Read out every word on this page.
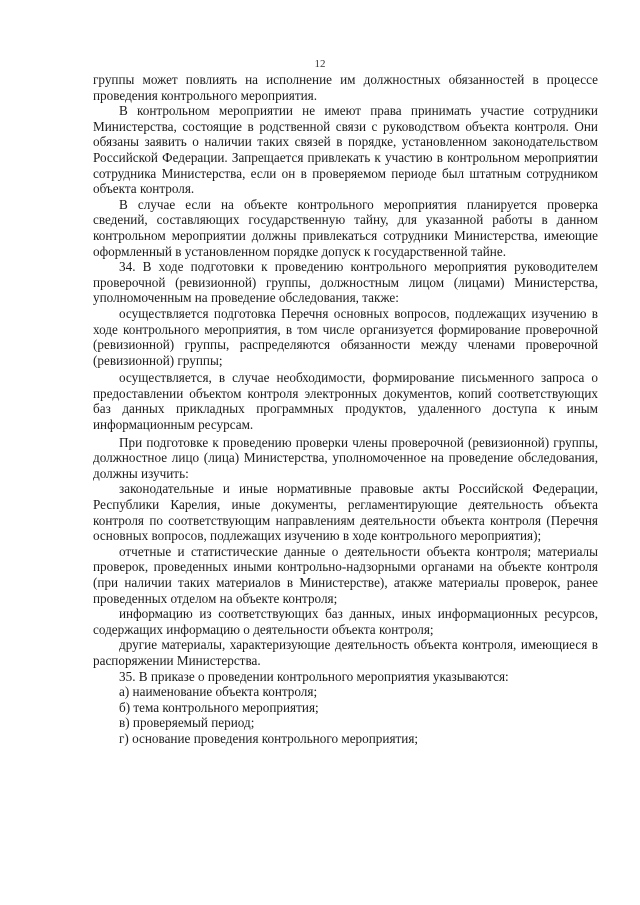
12

группы может повлиять на исполнение им должностных обязанностей в процессе проведения контрольного мероприятия.

В контрольном мероприятии не имеют права принимать участие сотрудники Министерства, состоящие в родственной связи с руководством объекта контроля. Они обязаны заявить о наличии таких связей в порядке, установленном законодательством Российской Федерации. Запрещается привлекать к участию в контрольном мероприятии сотрудника Министерства, если он в проверяемом периоде был штатным сотрудником объекта контроля.

В случае если на объекте контрольного мероприятия планируется проверка сведений, составляющих государственную тайну, для указанной работы в данном контрольном мероприятии должны привлекаться сотрудники Министерства, имеющие оформленный в установленном порядке допуск к государственной тайне.

34. В ходе подготовки к проведению контрольного мероприятия руководителем проверочной (ревизионной) группы, должностным лицом (лицами) Министерства, уполномоченным на проведение обследования, также:

осуществляется подготовка Перечня основных вопросов, подлежащих изучению в ходе контрольного мероприятия, в том числе организуется формирование проверочной (ревизионной) группы, распределяются обязанности между членами проверочной (ревизионной) группы;

осуществляется, в случае необходимости, формирование письменного запроса о предоставлении объектом контроля электронных документов, копий соответствующих баз данных прикладных программных продуктов, удаленного доступа к иным информационным ресурсам.

При подготовке к проведению проверки члены проверочной (ревизионной) группы, должностное лицо (лица) Министерства, уполномоченное на проведение обследования, должны изучить:

законодательные и иные нормативные правовые акты Российской Федерации, Республики Карелия, иные документы, регламентирующие деятельность объекта контроля по соответствующим направлениям деятельности объекта контроля (Перечня основных вопросов, подлежащих изучению в ходе контрольного мероприятия);

отчетные и статистические данные о деятельности объекта контроля; материалы проверок, проведенных иными контрольно-надзорными органами на объекте контроля (при наличии таких материалов в Министерстве), атакже материалы проверок, ранее проведенных отделом на объекте контроля;

информацию из соответствующих баз данных, иных информационных ресурсов, содержащих информацию о деятельности объекта контроля;

другие материалы, характеризующие деятельность объекта контроля, имеющиеся в распоряжении Министерства.

35. В приказе о проведении контрольного мероприятия указываются:

а) наименование объекта контроля;

б) тема контрольного мероприятия;

в) проверяемый период;

г) основание проведения контрольного мероприятия;
